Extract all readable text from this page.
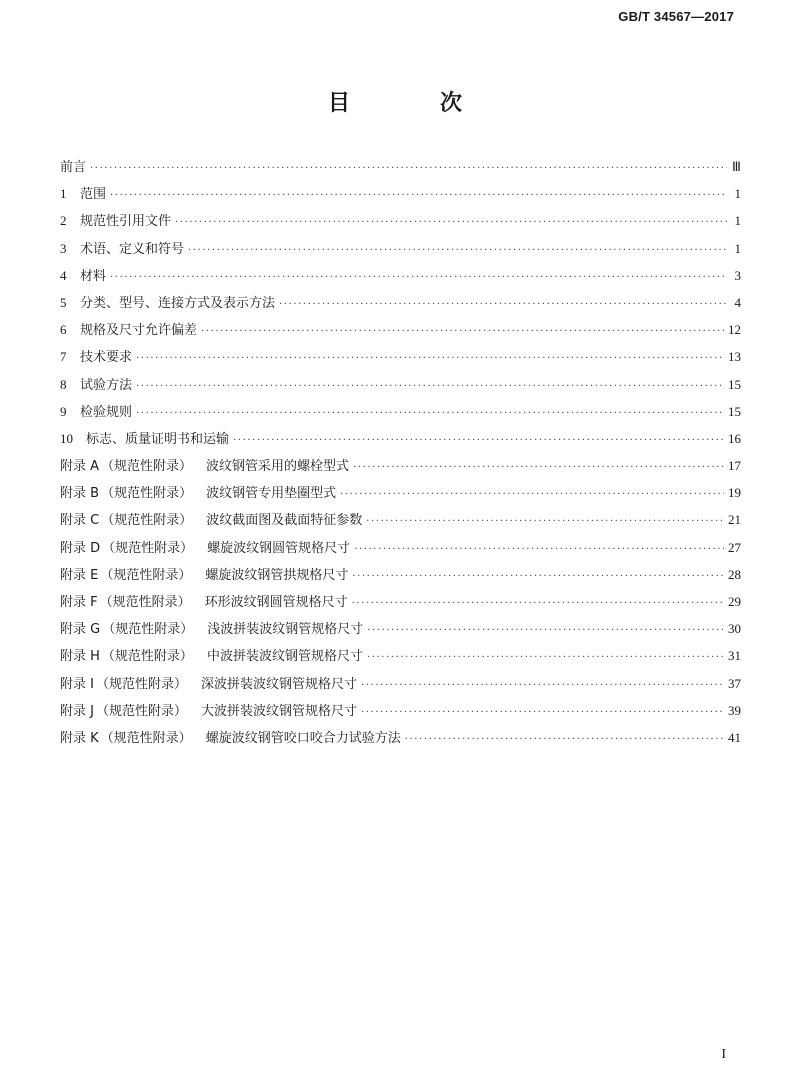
GB/T 34567—2017
目　次
前言 ·····	Ⅲ
1 范围 ·····	1
2 规范性引用文件 ·····	1
3 术语、定义和符号 ·····	1
4 材料 ·····	3
5 分类、型号、连接方式及表示方法 ·····	4
6 规格及尺寸允许偏差 ·····	12
7 技术要求 ·····	13
8 试验方法 ·····	15
9 检验规则 ·····	15
10 标志、质量证明书和运输 ·····	16
附录 A （规范性附录） 波纹钢管采用的螺栓型式 ·····	17
附录 B （规范性附录） 波纹钢管专用垫圈型式 ·····	19
附录 C （规范性附录） 波纹截面图及截面特征参数 ·····	21
附录 D （规范性附录） 螺旋波纹钢圆管规格尺寸 ·····	27
附录 E （规范性附录） 螺旋波纹钢管拱规格尺寸 ·····	28
附录 F （规范性附录） 环形波纹钢圆管规格尺寸 ·····	29
附录 G （规范性附录） 浅波拼装波纹钢管规格尺寸 ·····	30
附录 H （规范性附录） 中波拼装波纹钢管规格尺寸 ·····	31
附录 I （规范性附录） 深波拼装波纹钢管规格尺寸 ·····	37
附录 J （规范性附录） 大波拼装波纹钢管规格尺寸 ·····	39
附录 K （规范性附录） 螺旋波纹钢管咬口咬合力试验方法 ·····	41
I
